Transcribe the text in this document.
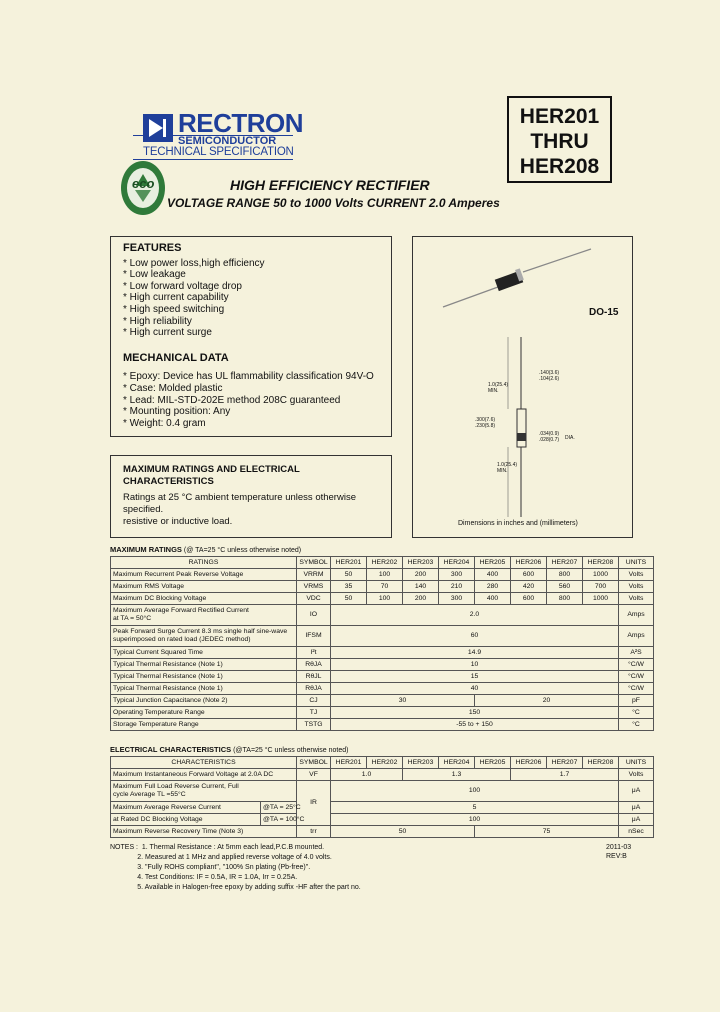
RECTRON
SEMICONDUCTOR
TECHNICAL SPECIFICATION
HER201
THRU
HER208
eco	HIGH EFFICIENCY RECTIFIER
VOLTAGE RANGE 50 to 1000 Volts CURRENT 2.0 Amperes
FEATURES
* Low power loss,high efficiency
* Low leakage
* Low forward voltage drop
* High current capability
* High speed switching
* High reliability
* High current surge
MECHANICAL DATA
* Epoxy: Device has UL flammability classification 94V-O
* Case: Molded plastic
* Lead: MIL-STD-202E method 208C guaranteed
* Mounting position: Any
* Weight: 0.4 gram
DO-15
1.0(25.4)
MIN.
.140(3.6)
.104(2.6)
.300(7.6)
.230(5.8)
.034(0.9)
.028(0.7) DIA.
1.0(25.4)
MIN.
Dimensions in inches and (millimeters)
MAXIMUM RATINGS AND ELECTRICAL CHARACTERISTICS
Ratings at 25 °C ambient temperature unless otherwise specified.
resistive or inductive load.
MAXIMUM RATINGS (@ TA=25 °C unless otherwise noted)
RATINGS	SYMBOL	HER201	HER202	HER203	HER204	HER205	HER206	HER207	HER208	UNITS
Maximum Recurrent Peak Reverse Voltage	VRRM	50	100	200	300	400	600	800	1000	Volts
Maximum RMS Voltage	VRMS	35	70	140	210	280	420	560	700	Volts
Maximum DC Blocking Voltage	VDC	50	100	200	300	400	600	800	1000	Volts

Maximum Average Forward Rectified Current
at TA = 50°C	IO	2.0								Amps

Peak Forward Surge Current 8.3 ms single half sine-wave
superimposed on rated load (JEDEC method)	IFSM	60								Amps
Typical Current Squared Time	I²t	14.9								A²S
Typical Thermal Resistance (Note 1)	RθJA	10								°C/W
Typical Thermal Resistance (Note 1)	RθJL	15								°C/W
Typical Thermal Resistance (Note 1)	RθJA	40								°C/W
Typical Junction Capacitance (Note 2)	CJ	30				20				pF
Operating Temperature Range	TJ	150								°C
Storage Temperature Range	TSTG	-55 to + 150								°C
ELECTRICAL CHARACTERISTICS (@TA=25 °C unless otherwise noted)
CHARACTERISTICS		SYMBOL	HER201	HER202	HER203	HER204	HER205	HER206	HER207	HER208	UNITS
Maximum Instantaneous Forward Voltage at 2.0A DC		VF	1.0		1.3			1.7			Volts

Maximum Full Load Reverse Current, Full
cycle Average TL =55°C		IR	100								μA
Maximum Average Reverse Current	@TA = 25°C		5								μA
at Rated DC Blocking Voltage	@TA = 100°C		100								μA
Maximum Reverse Recovery Time (Note 3)		trr	50				75				nSec
NOTES :  1. Thermal Resistance : At 5mm each lead,P.C.B mounted.
2. Measured at 1 MHz and applied reverse voltage of 4.0 volts.
3. "Fully ROHS compliant", "100% Sn plating (Pb-free)".
4. Test Conditions: IF = 0.5A, IR = 1.0A, Irr = 0.25A.
5. Available in Halogen-free epoxy by adding suffix -HF after the part no.
2011-03
REV:B
